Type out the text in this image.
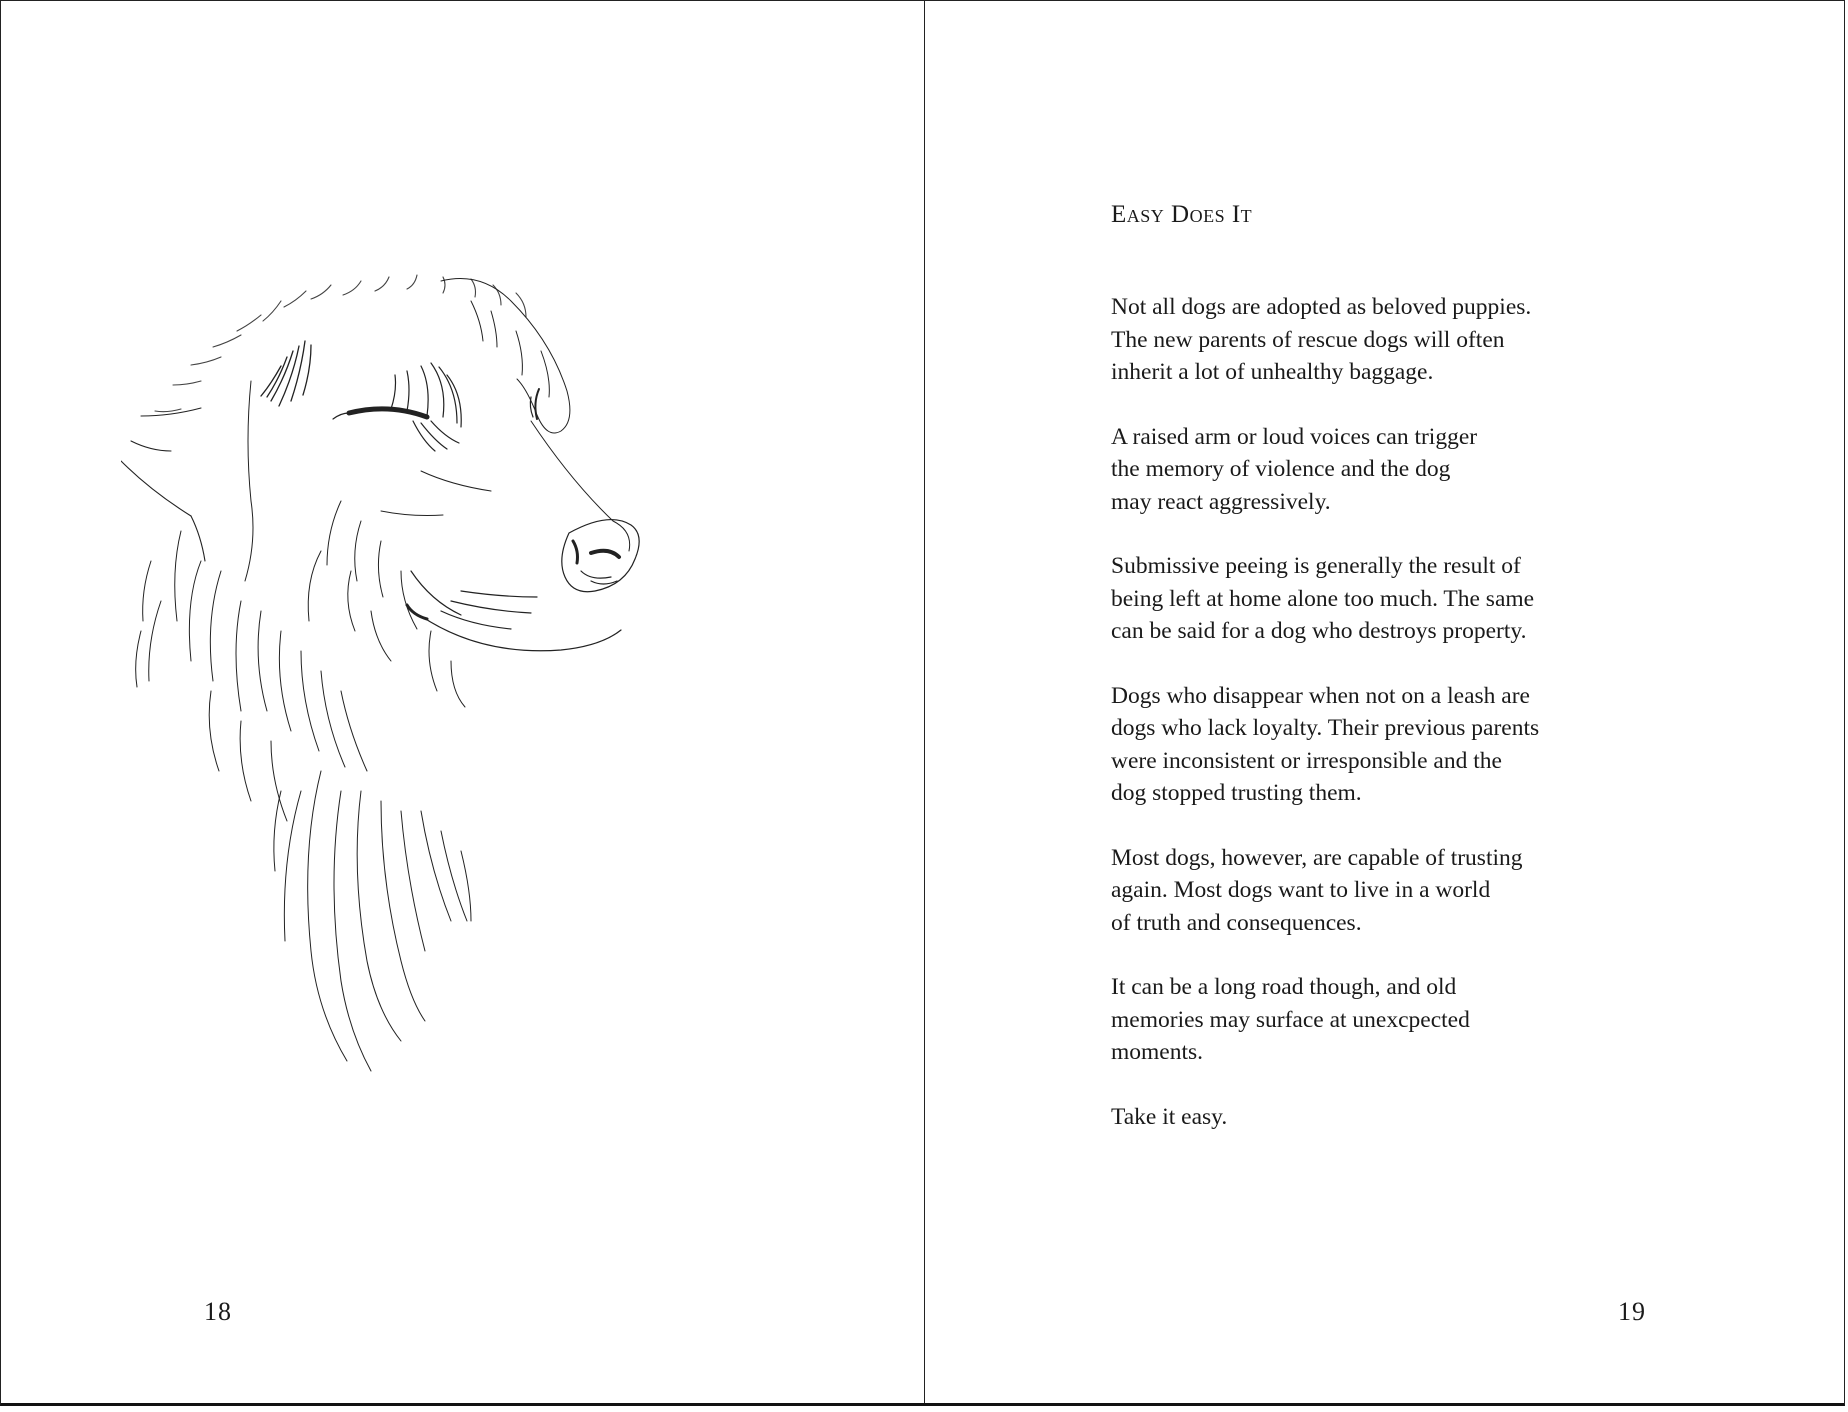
18
Easy Does It

Not all dogs are adopted as beloved puppies.
The new parents of rescue dogs will often
inherit a lot of unhealthy baggage.

A raised arm or loud voices can trigger
the memory of violence and the dog
may react aggressively.

Submissive peeing is generally the result of
being left at home alone too much. The same
can be said for a dog who destroys property.

Dogs who disappear when not on a leash are
dogs who lack loyalty. Their previous parents
were inconsistent or irresponsible and the
dog stopped trusting them.

Most dogs, however, are capable of trusting
again. Most dogs want to live in a world
of truth and consequences.

It can be a long road though, and old
memories may surface at unexcpected
moments.

Take it easy.

19
